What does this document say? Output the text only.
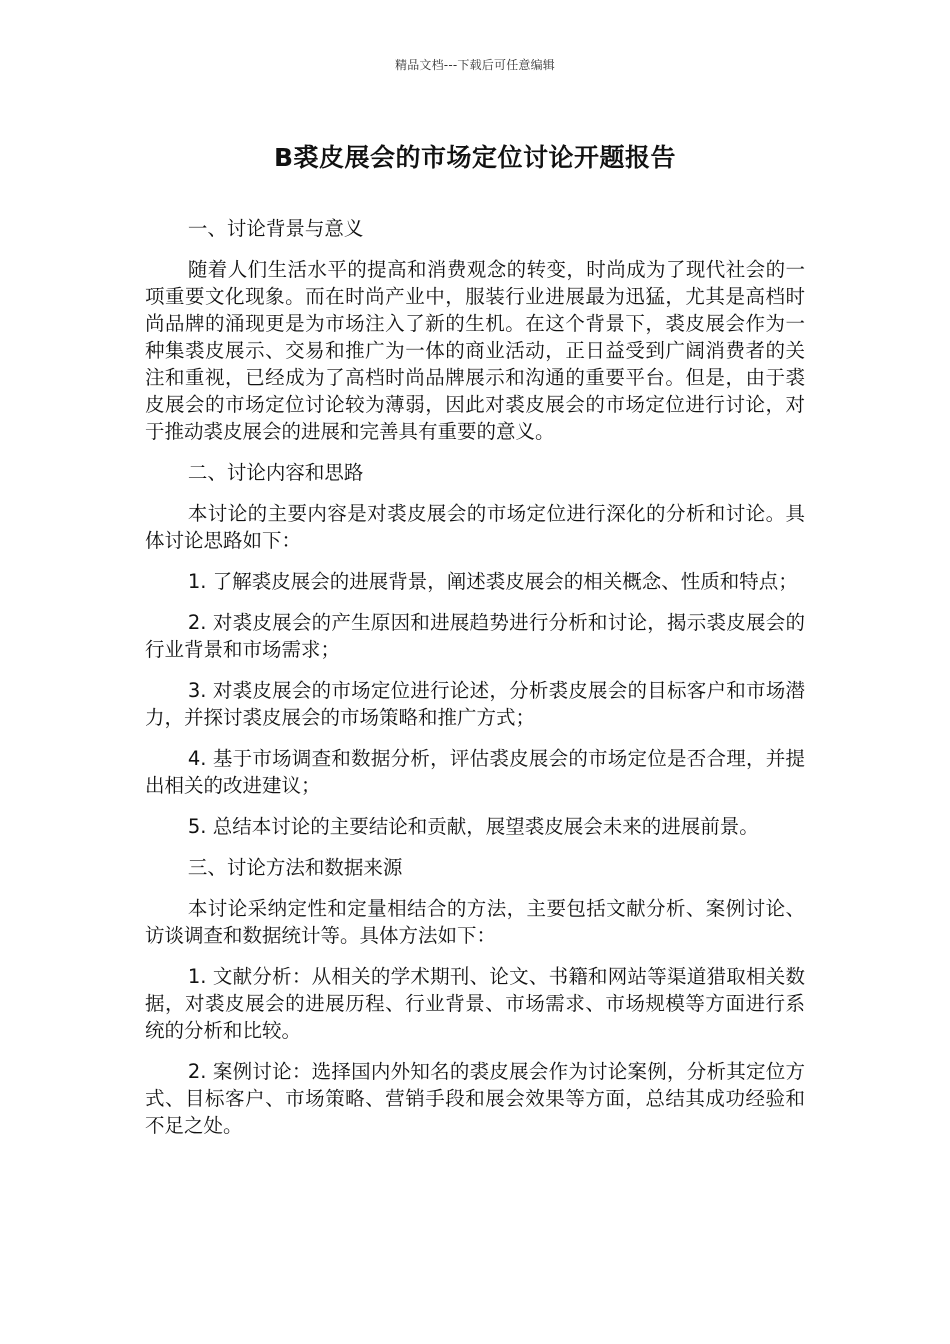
精品文档---下载后可任意编辑
B裘皮展会的市场定位讨论开题报告

一、讨论背景与意义

随着人们生活水平的提高和消费观念的转变，时尚成为了现代社会的一项重要文化现象。而在时尚产业中，服装行业进展最为迅猛，尤其是高档时尚品牌的涌现更是为市场注入了新的生机。在这个背景下，裘皮展会作为一种集裘皮展示、交易和推广为一体的商业活动，正日益受到广阔消费者的关注和重视，已经成为了高档时尚品牌展示和沟通的重要平台。但是，由于裘皮展会的市场定位讨论较为薄弱，因此对裘皮展会的市场定位进行讨论，对于推动裘皮展会的进展和完善具有重要的意义。

二、讨论内容和思路

本讨论的主要内容是对裘皮展会的市场定位进行深化的分析和讨论。具体讨论思路如下：

1. 了解裘皮展会的进展背景，阐述裘皮展会的相关概念、性质和特点；

2. 对裘皮展会的产生原因和进展趋势进行分析和讨论，揭示裘皮展会的行业背景和市场需求；

3. 对裘皮展会的市场定位进行论述，分析裘皮展会的目标客户和市场潜力，并探讨裘皮展会的市场策略和推广方式；

4. 基于市场调查和数据分析，评估裘皮展会的市场定位是否合理，并提出相关的改进建议；

5. 总结本讨论的主要结论和贡献，展望裘皮展会未来的进展前景。

三、讨论方法和数据来源

本讨论采纳定性和定量相结合的方法，主要包括文献分析、案例讨论、访谈调查和数据统计等。具体方法如下：

1. 文献分析：从相关的学术期刊、论文、书籍和网站等渠道猎取相关数据，对裘皮展会的进展历程、行业背景、市场需求、市场规模等方面进行系统的分析和比较。

2. 案例讨论：选择国内外知名的裘皮展会作为讨论案例，分析其定位方式、目标客户、市场策略、营销手段和展会效果等方面，总结其成功经验和不足之处。
